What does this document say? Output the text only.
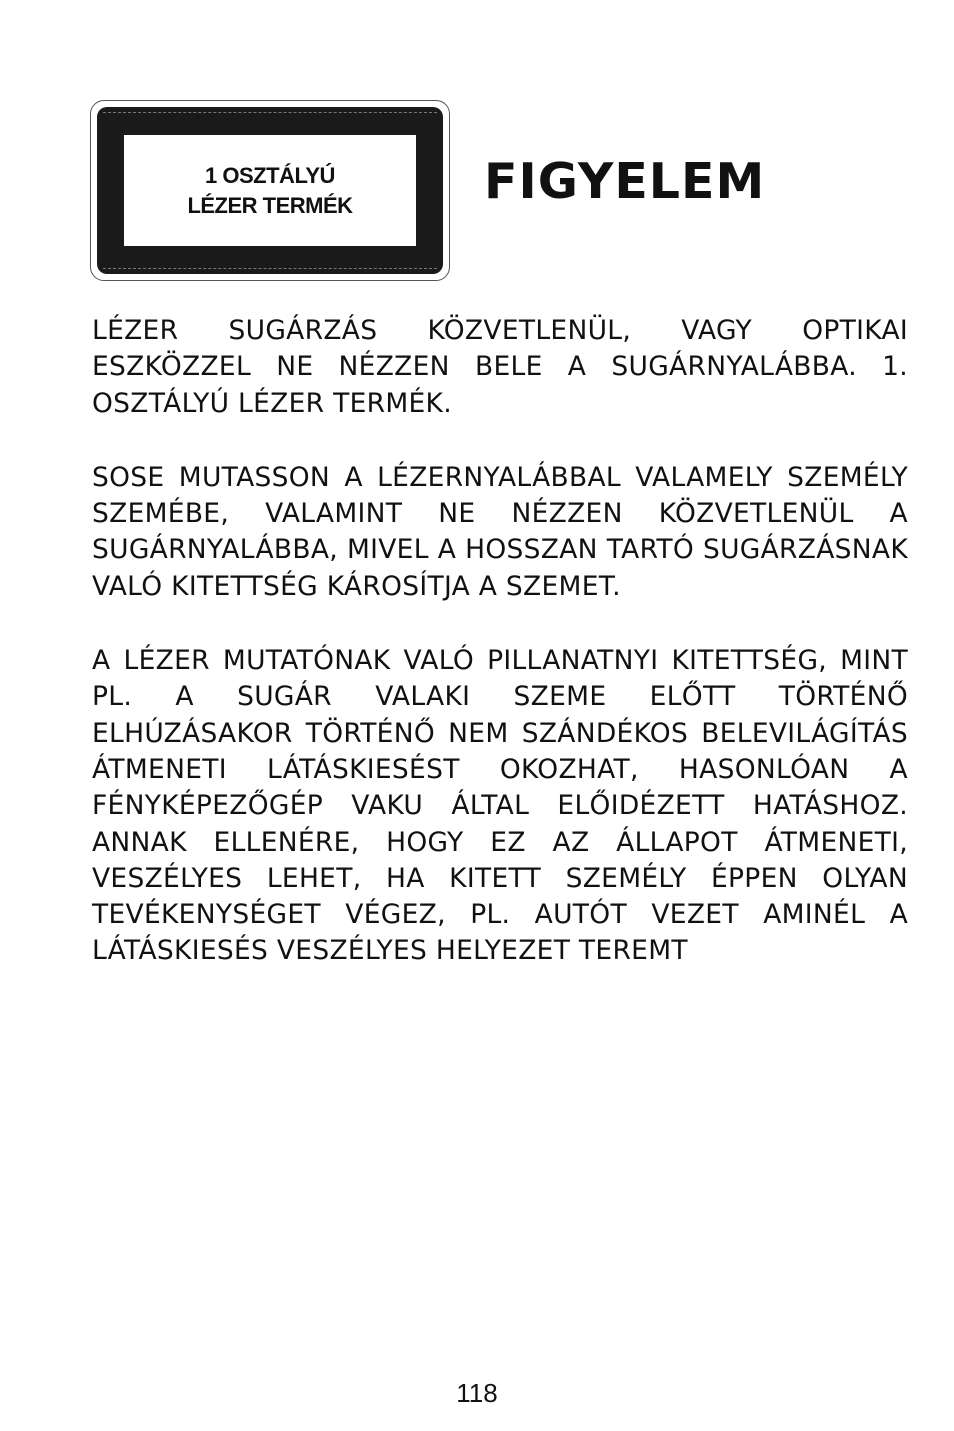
1 OSZTÁLYÚ
LÉZER TERMÉK	FIGYELEM

LÉZER SUGÁRZÁS KÖZVETLENÜL, VAGY OPTIKAI ESZKÖZZEL NE NÉZZEN BELE A SUGÁRNYALÁBBA. 1. OSZTÁLYÚ LÉZER TERMÉK.

SOSE MUTASSON A LÉZERNYALÁBBAL VALAMELY SZEMÉLY SZEMÉBE, VALAMINT NE NÉZZEN KÖZVETLENÜL A SUGÁRNYALÁBBA, MIVEL A HOSSZAN TARTÓ SUGÁRZÁSNAK VALÓ KITETTSÉG KÁROSÍTJA A SZEMET.

A LÉZER MUTATÓNAK VALÓ PILLANATNYI KITETTSÉG, MINT PL. A SUGÁR VALAKI SZEME ELŐTT TÖRTÉNŐ ELHÚZÁSAKOR TÖRTÉNŐ NEM SZÁNDÉKOS BELEVILÁGÍTÁS ÁTMENETI LÁTÁSKIESÉST OKOZHAT, HASONLÓAN A FÉNYKÉPEZŐGÉP VAKU ÁLTAL ELŐIDÉZETT HATÁSHOZ. ANNAK ELLENÉRE, HOGY EZ AZ ÁLLAPOT ÁTMENETI, VESZÉLYES LEHET, HA KITETT SZEMÉLY ÉPPEN OLYAN TEVÉKENYSÉGET VÉGEZ, PL. AUTÓT VEZET AMINÉL A LÁTÁSKIESÉS VESZÉLYES HELYEZET TEREMT

118
